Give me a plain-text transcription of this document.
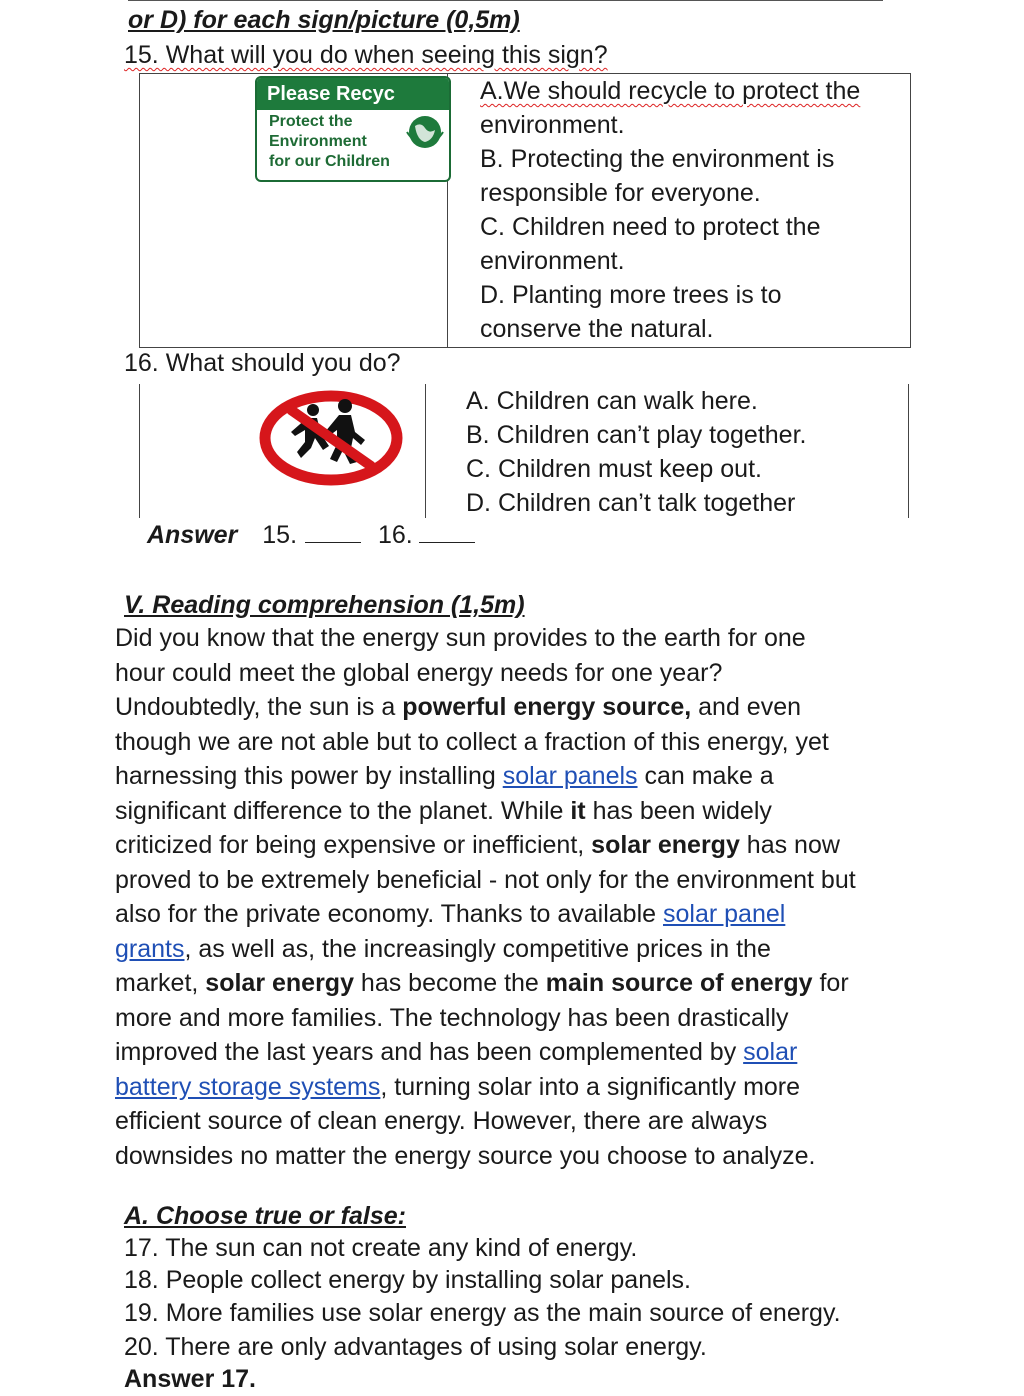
or D) for each sign/picture (0,5m)
15. What will you do when seeing this sign?
Please Recyc
Protect the
Environment
for our Children
A.We should recycle to protect the
environment.
B. Protecting the environment is
responsible for everyone.
C. Children need to protect the
environment.
D. Planting more trees is to
conserve the natural.
16. What should you do?
A. Children can walk here.
B. Children can’t play together.
C. Children must keep out.
D. Children can’t talk together
Answer 15.	16.
V. Reading comprehension (1,5m)
Did you know that the energy sun provides to the earth for one
hour could meet the global energy needs for one year?
Undoubtedly, the sun is a powerful energy source, and even
though we are not able but to collect a fraction of this energy, yet
harnessing this power by installing solar panels can make a
significant difference to the planet. While it has been widely
criticized for being expensive or inefficient, solar energy has now
proved to be extremely beneficial - not only for the environment but
also for the private economy. Thanks to available solar panel
grants, as well as, the increasingly competitive prices in the
market, solar energy has become the main source of energy for
more and more families. The technology has been drastically
improved the last years and has been complemented by solar
battery storage systems, turning solar into a significantly more
efficient source of clean energy. However, there are always
downsides no matter the energy source you choose to analyze.
A. Choose true or false:
17. The sun can not create any kind of energy.
18. People collect energy by installing solar panels.
19. More families use solar energy as the main source of energy.
20. There are only advantages of using solar energy.
Answer 17.
